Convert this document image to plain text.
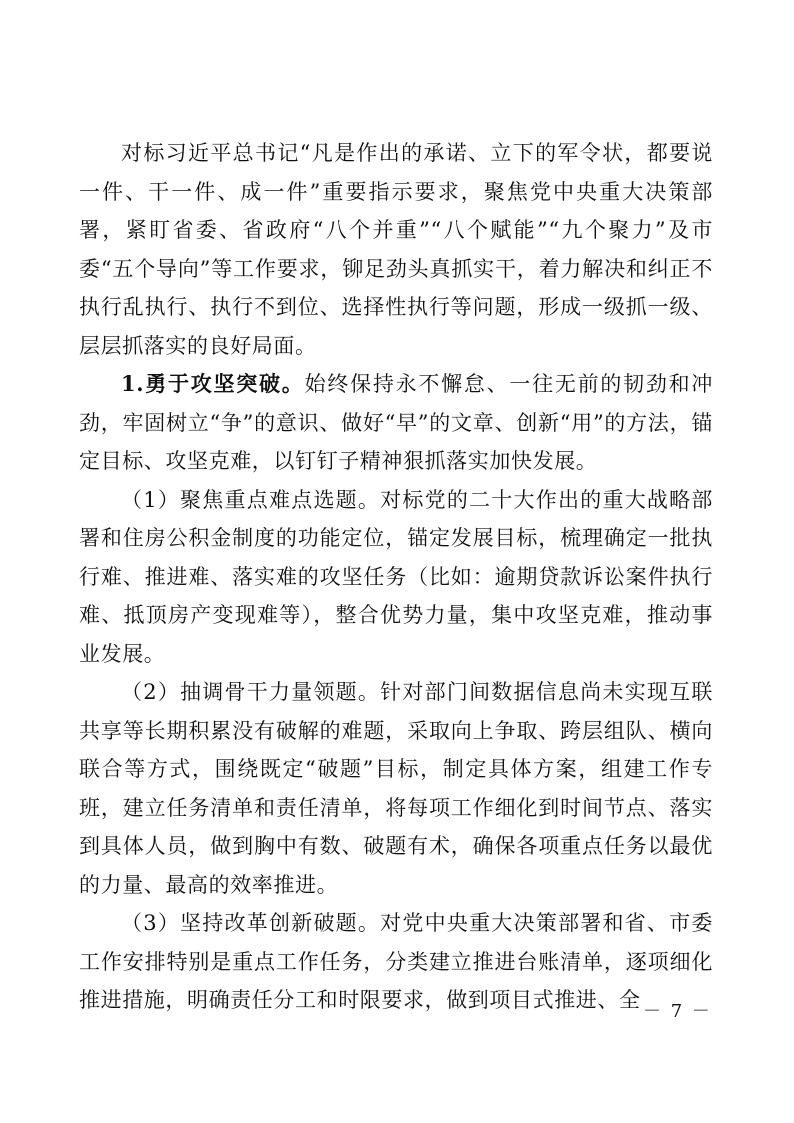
对标习近平总书记“凡是作出的承诺、立下的军令状，都要说一件、干一件、成一件”重要指示要求，聚焦党中央重大决策部署，紧盯省委、省政府“八个并重”“八个赋能”“九个聚力”及市委“五个导向”等工作要求，铆足劲头真抓实干，着力解决和纠正不执行乱执行、执行不到位、选择性执行等问题，形成一级抓一级、层层抓落实的良好局面。

1.勇于攻坚突破。始终保持永不懈怠、一往无前的韧劲和冲劲，牢固树立“争”的意识、做好“早”的文章、创新“用”的方法，锚定目标、攻坚克难，以钉钉子精神狠抓落实加快发展。

（1）聚焦重点难点选题。对标党的二十大作出的重大战略部署和住房公积金制度的功能定位，锚定发展目标，梳理确定一批执行难、推进难、落实难的攻坚任务（比如：逾期贷款诉讼案件执行难、抵顶房产变现难等），整合优势力量，集中攻坚克难，推动事业发展。

（2）抽调骨干力量领题。针对部门间数据信息尚未实现互联共享等长期积累没有破解的难题，采取向上争取、跨层组队、横向联合等方式，围绕既定“破题”目标，制定具体方案，组建工作专班，建立任务清单和责任清单，将每项工作细化到时间节点、落实到具体人员，做到胸中有数、破题有术，确保各项重点任务以最优的力量、最高的效率推进。

（3）坚持改革创新破题。对党中央重大决策部署和省、市委工作安排特别是重点工作任务，分类建立推进台账清单，逐项细化推进措施，明确责任分工和时限要求，做到项目式推进、全 － 7 －
